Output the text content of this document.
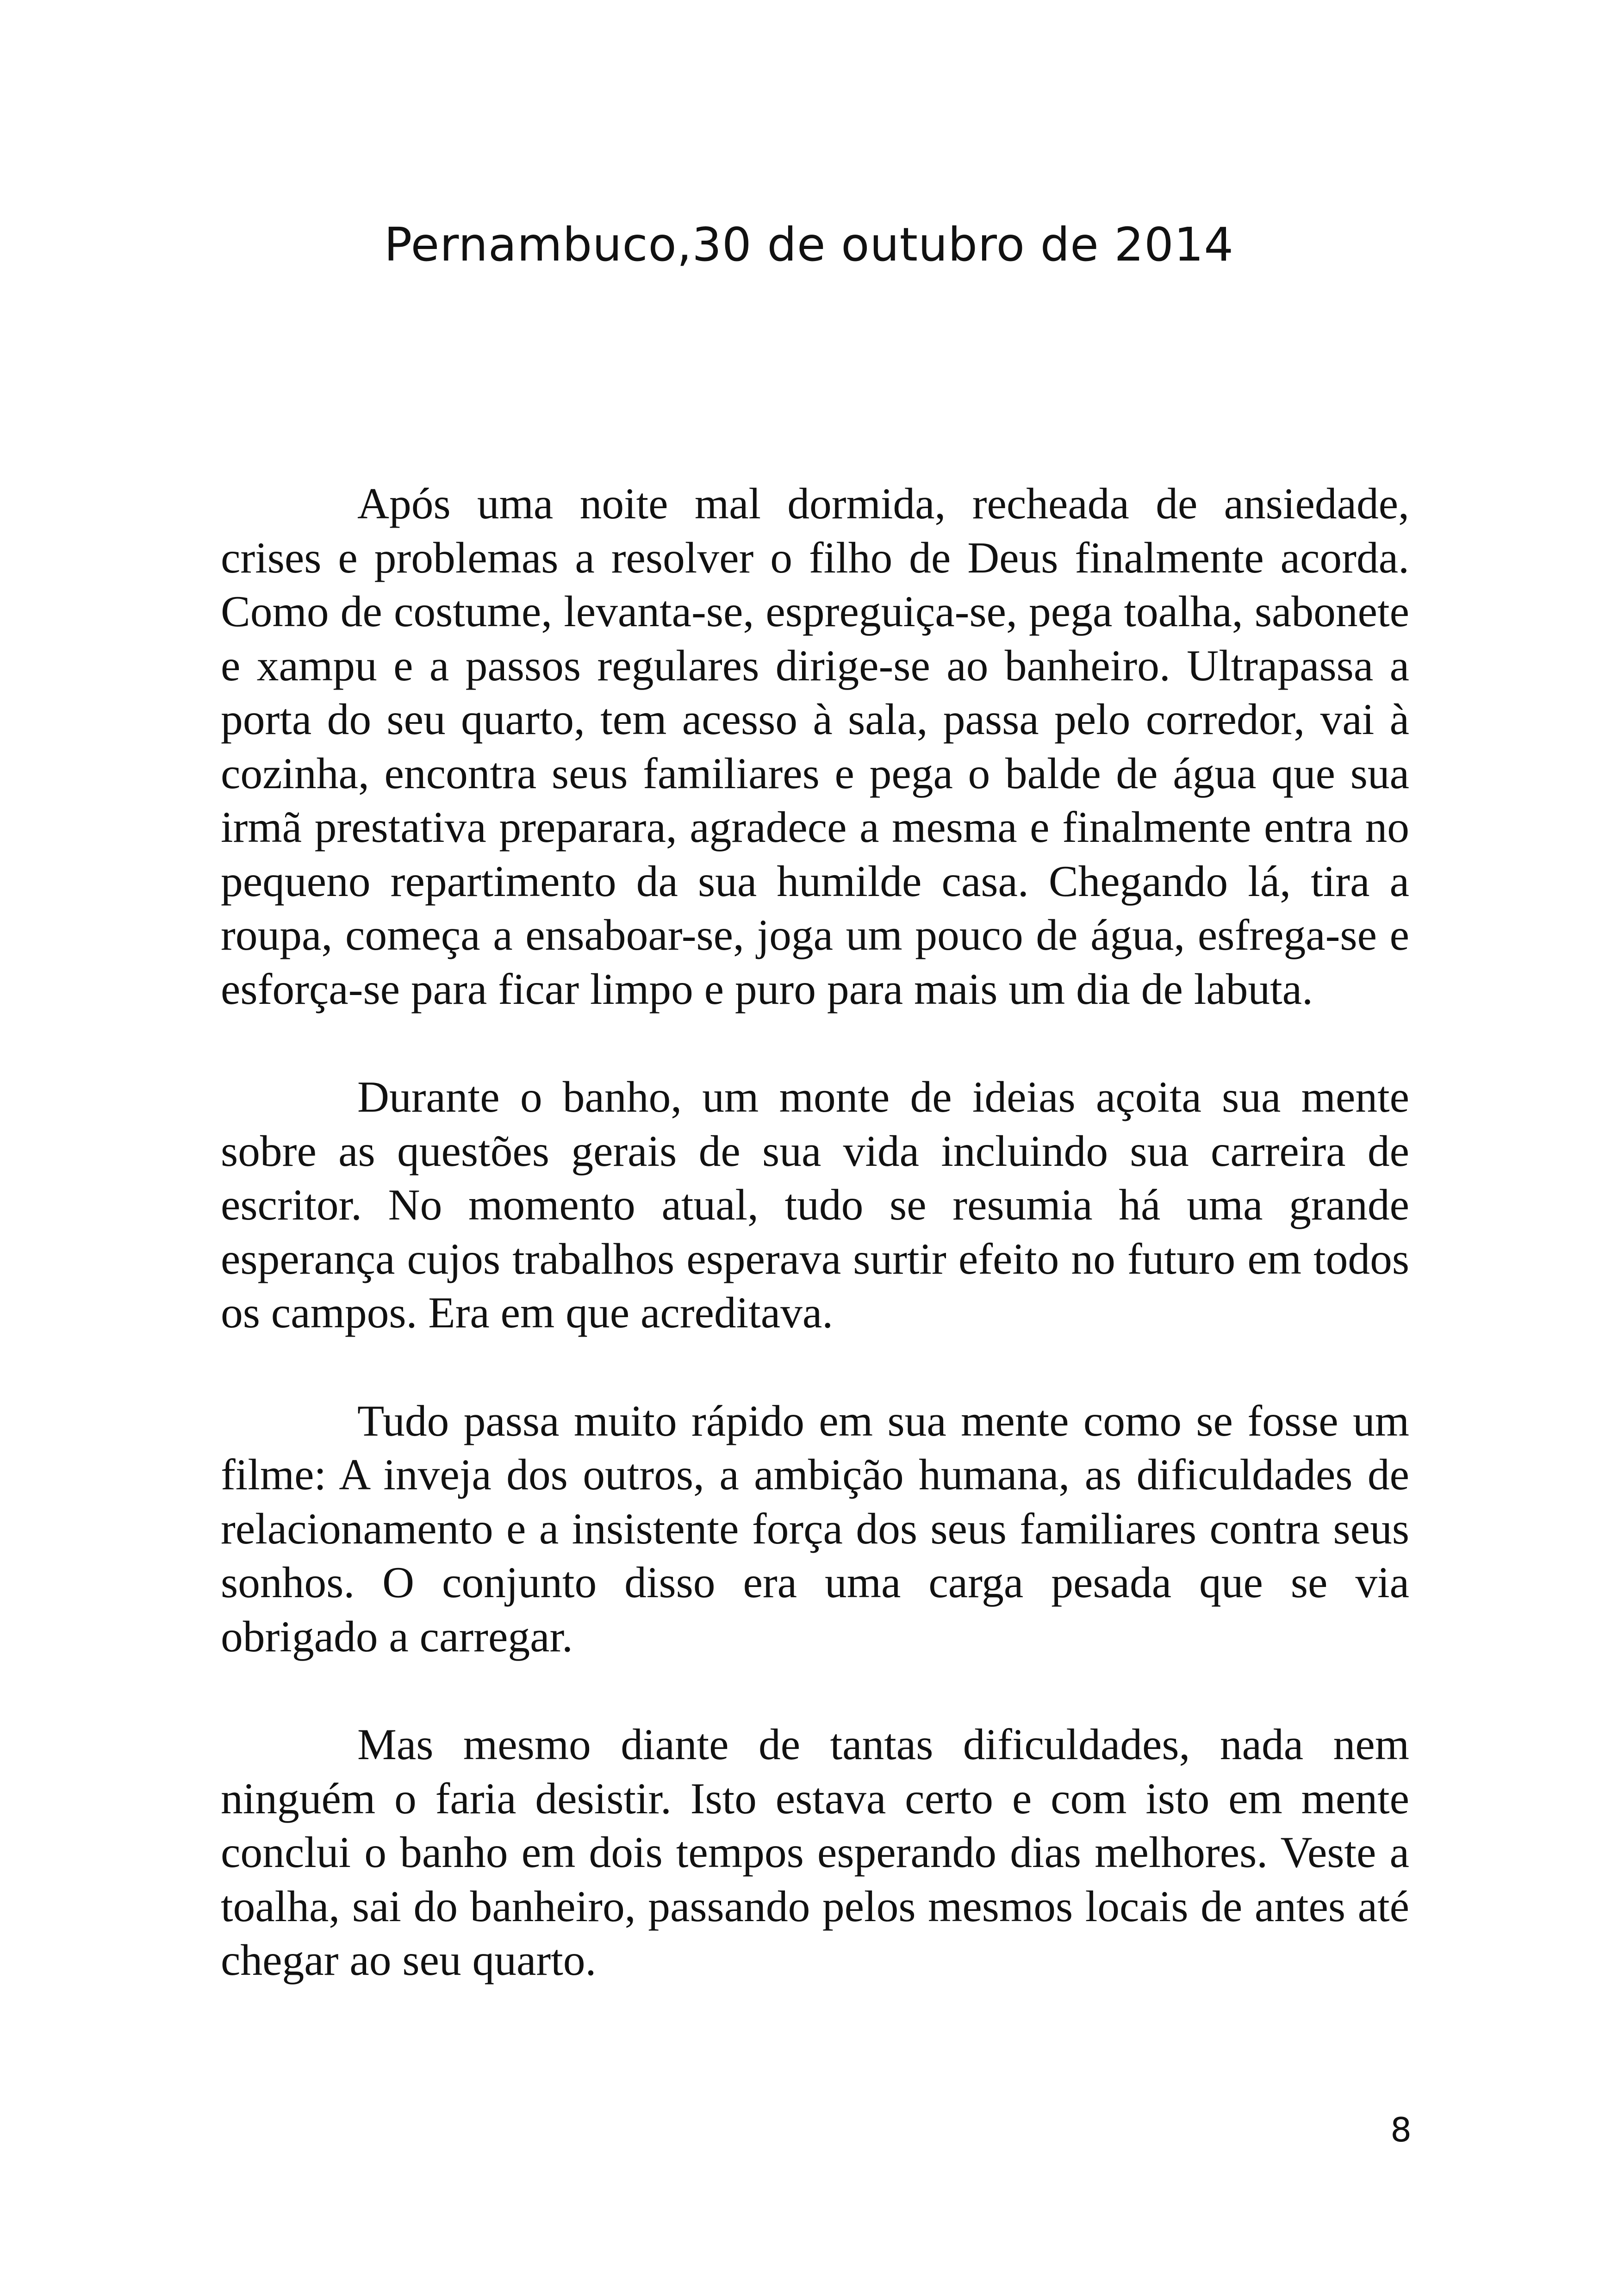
Pernambuco,30 de outubro de 2014

Após uma noite mal dormida, recheada de ansiedade, crises e problemas a resolver o filho de Deus finalmente acorda. Como de costume, levanta-se, espreguiça-se, pega toalha, sabonete e xampu e a passos regulares dirige-se ao banheiro. Ultrapassa a porta do seu quarto, tem acesso à sala, passa pelo corredor, vai à cozinha, encontra seus familiares e pega o balde de água que sua irmã prestativa preparara, agradece a mesma e finalmente entra no pequeno repartimento da sua humilde casa. Chegando lá, tira a roupa, começa a ensaboar-se, joga um pouco de água, esfrega-se e esforça-se para ficar limpo e puro para mais um dia de labuta.

Durante o banho, um monte de ideias açoita sua mente sobre as questões gerais de sua vida incluindo sua carreira de escritor. No momento atual, tudo se resumia há uma grande esperança cujos trabalhos esperava surtir efeito no futuro em todos os campos. Era em que acreditava.

Tudo passa muito rápido em sua mente como se fosse um filme: A inveja dos outros, a ambição humana, as dificuldades de relacionamento e a insistente força dos seus familiares contra seus sonhos. O conjunto disso era uma carga pesada que se via obrigado a carregar.

Mas mesmo diante de tantas dificuldades, nada nem ninguém o faria desistir. Isto estava certo e com isto em mente conclui o banho em dois tempos esperando dias melhores. Veste a toalha, sai do banheiro, passando pelos mesmos locais de antes até chegar ao seu quarto.

8
